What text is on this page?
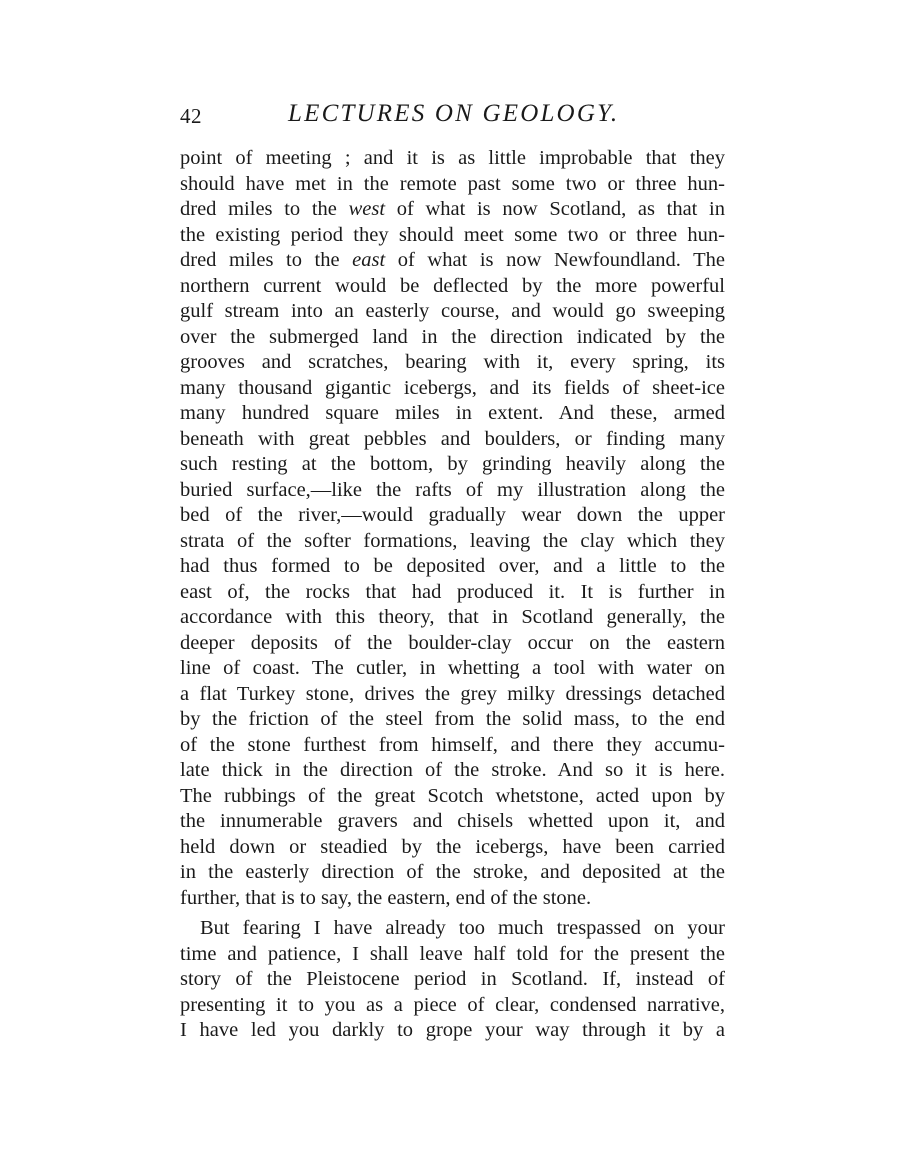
42	LECTURES ON GEOLOGY.
point of meeting ; and it is as little improbable that they
should have met in the remote past some two or three hun-
dred miles to the west of what is now Scotland, as that in
the existing period they should meet some two or three hun-
dred miles to the east of what is now Newfoundland. The
northern current would be deflected by the more powerful
gulf stream into an easterly course, and would go sweeping
over the submerged land in the direction indicated by the
grooves and scratches, bearing with it, every spring, its
many thousand gigantic icebergs, and its fields of sheet-ice
many hundred square miles in extent. And these, armed
beneath with great pebbles and boulders, or finding many
such resting at the bottom, by grinding heavily along the
buried surface,—like the rafts of my illustration along the
bed of the river,—would gradually wear down the upper
strata of the softer formations, leaving the clay which they
had thus formed to be deposited over, and a little to the
east of, the rocks that had produced it. It is further in
accordance with this theory, that in Scotland generally, the
deeper deposits of the boulder-clay occur on the eastern
line of coast. The cutler, in whetting a tool with water on
a flat Turkey stone, drives the grey milky dressings detached
by the friction of the steel from the solid mass, to the end
of the stone furthest from himself, and there they accumu-
late thick in the direction of the stroke. And so it is here.
The rubbings of the great Scotch whetstone, acted upon by
the innumerable gravers and chisels whetted upon it, and
held down or steadied by the icebergs, have been carried
in the easterly direction of the stroke, and deposited at the
further, that is to say, the eastern, end of the stone.
But fearing I have already too much trespassed on your
time and patience, I shall leave half told for the present the
story of the Pleistocene period in Scotland. If, instead of
presenting it to you as a piece of clear, condensed narrative,
I have led you darkly to grope your way through it by a
